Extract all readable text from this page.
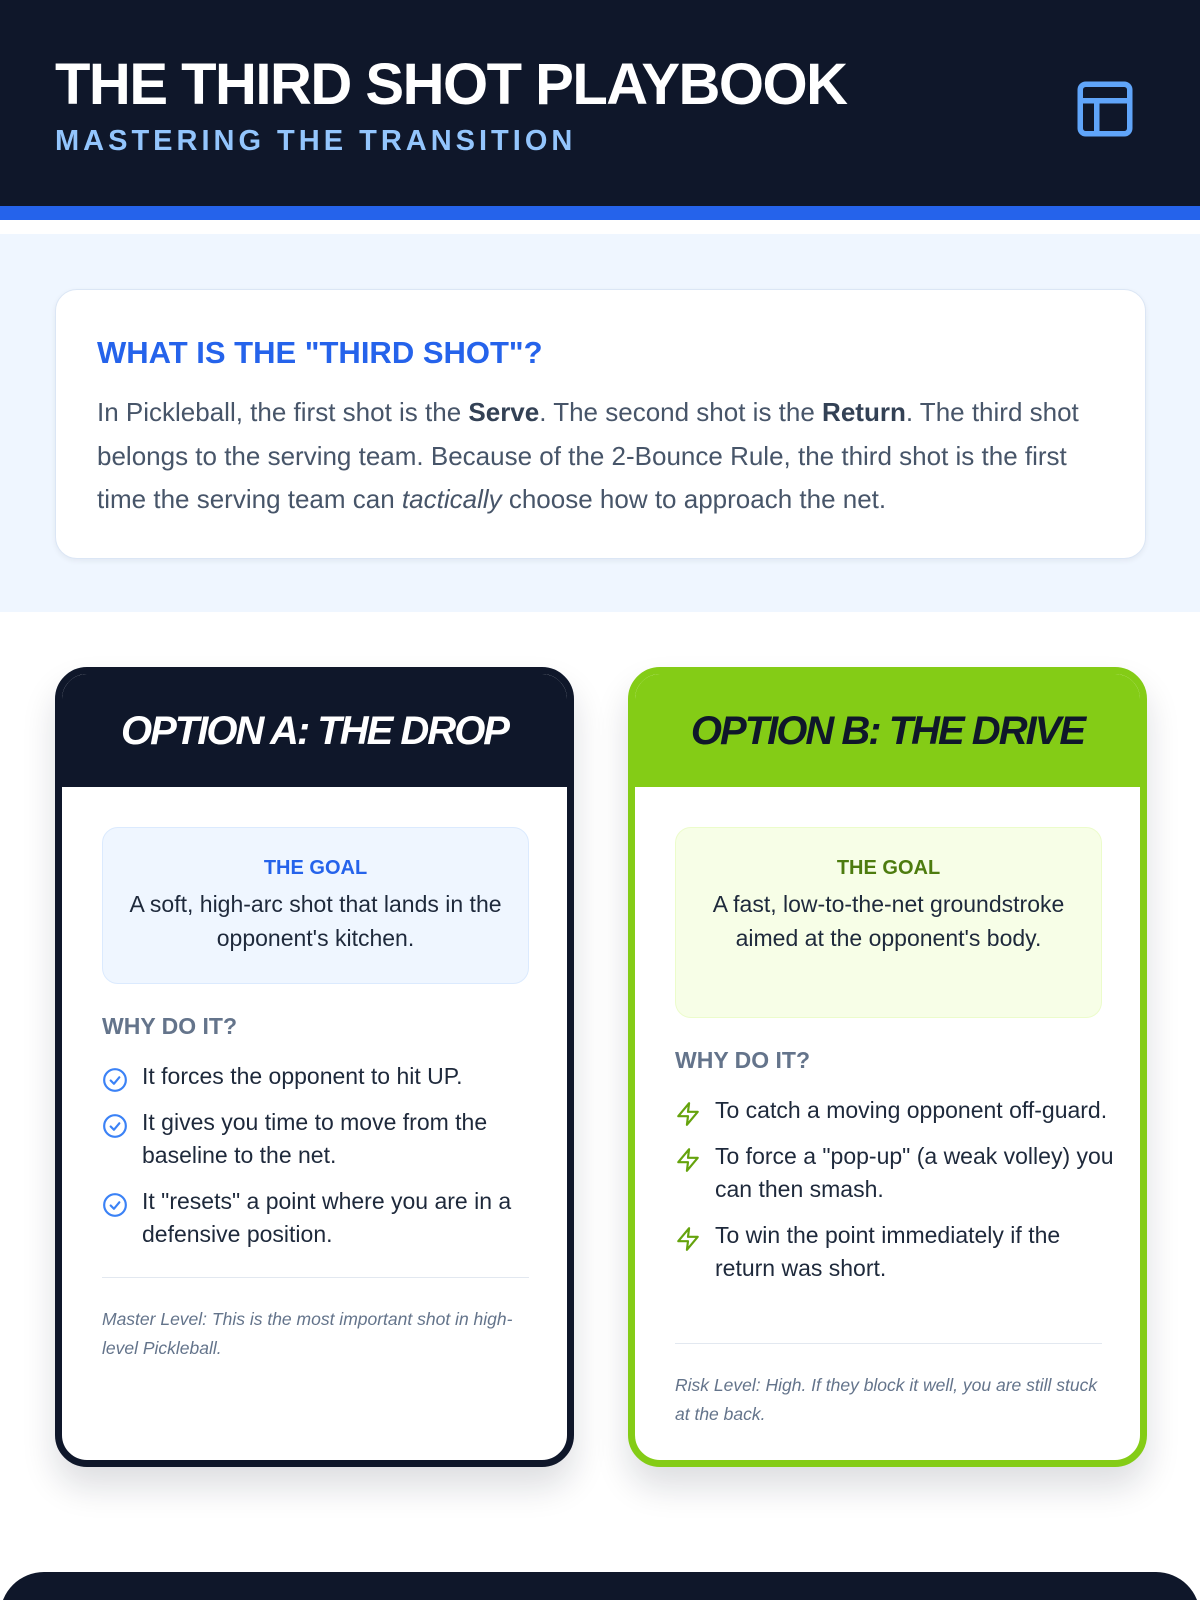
THE THIRD SHOT PLAYBOOK
MASTERING THE TRANSITION
WHAT IS THE "THIRD SHOT"?

In Pickleball, the first shot is the Serve. The second shot is the Return. The third shot belongs to the serving team. Because of the 2-Bounce Rule, the third shot is the first time the serving team can tactically choose how to approach the net.

OPTION A: THE DROP
THE GOAL
A soft, high-arc shot that lands in the opponent's kitchen.
WHY DO IT?
It forces the opponent to hit UP.
It gives you time to move from the baseline to the net.
It "resets" a point where you are in a defensive position.

Master Level: This is the most important shot in high-level Pickleball.

OPTION B: THE DRIVE
THE GOAL
A fast, low-to-the-net groundstroke aimed at the opponent's body.
WHY DO IT?
To catch a moving opponent off-guard.
To force a "pop-up" (a weak volley) you can then smash.
To win the point immediately if the return was short.

Risk Level: High. If they block it well, you are still stuck at the back.
